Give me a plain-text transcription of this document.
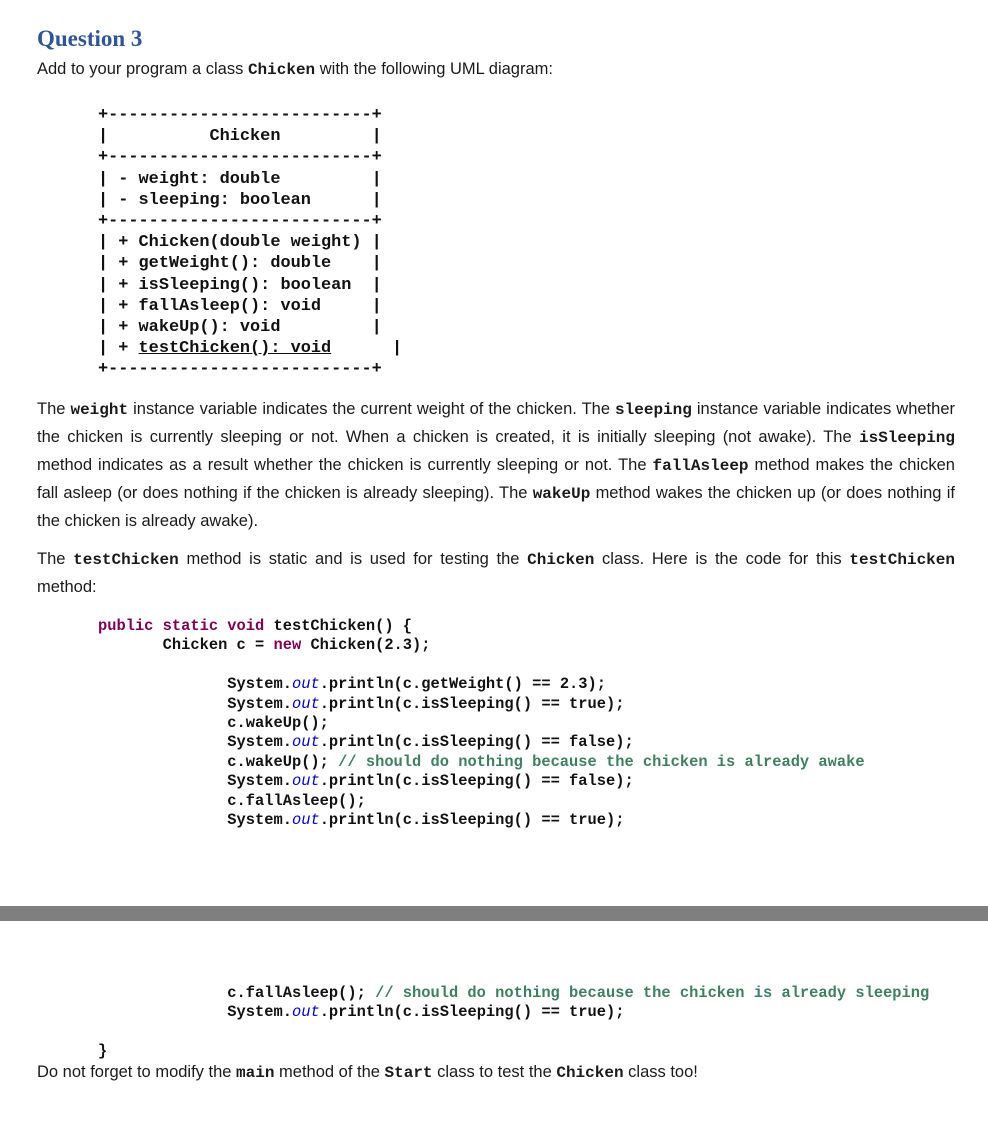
Question 3

Add to your program a class Chicken with the following UML diagram:

+--------------------------+
|          Chicken         |
+--------------------------+
| - weight: double         |
| - sleeping: boolean      |
+--------------------------+
| + Chicken(double weight) |
| + getWeight(): double    |
| + isSleeping(): boolean  |
| + fallAsleep(): void     |
| + wakeUp(): void         |
| + testChicken(): void      |
+--------------------------+

The weight instance variable indicates the current weight of the chicken. The sleeping instance variable indicates whether the chicken is currently sleeping or not. When a chicken is created, it is initially sleeping (not awake). The isSleeping method indicates as a result whether the chicken is currently sleeping or not. The fallAsleep method makes the chicken fall asleep (or does nothing if the chicken is already sleeping). The wakeUp method wakes the chicken up (or does nothing if the chicken is already awake).

The testChicken method is static and is used for testing the Chicken class. Here is the code for this testChicken method:

public static void testChicken() {
Chicken c = new Chicken(2.3);
System.out.println(c.getWeight() == 2.3);
System.out.println(c.isSleeping() == true);
c.wakeUp();
System.out.println(c.isSleeping() == false);
c.wakeUp(); // should do nothing because the chicken is already awake
System.out.println(c.isSleeping() == false);
c.fallAsleep();
System.out.println(c.isSleeping() == true);
c.fallAsleep(); // should do nothing because the chicken is already sleeping
System.out.println(c.isSleeping() == true);
}

Do not forget to modify the main method of the Start class to test the Chicken class too!
